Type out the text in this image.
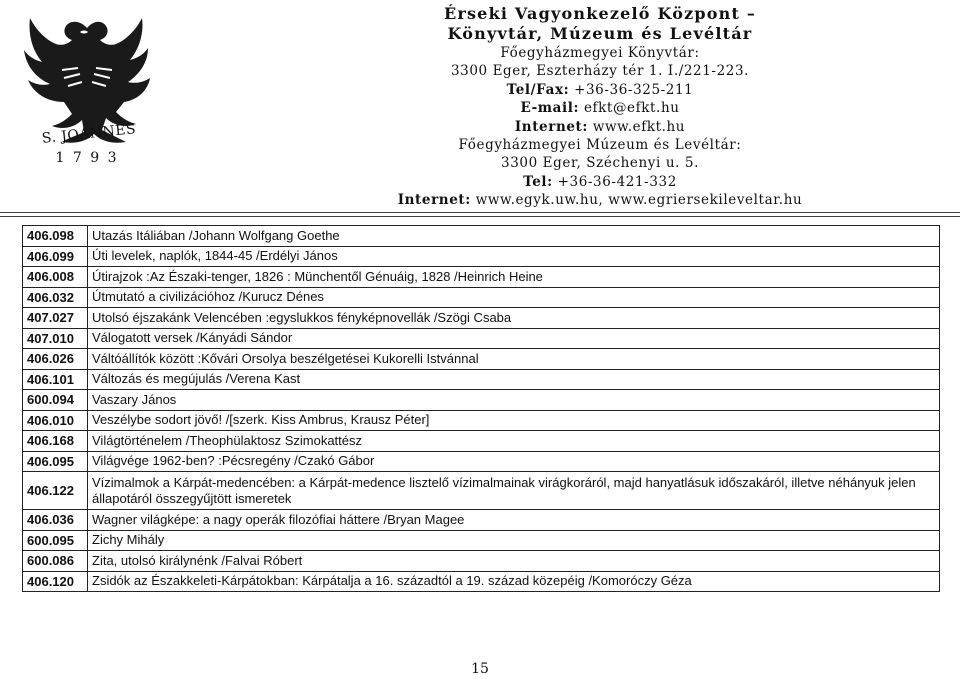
S. JOANNES
1 7 9 3
Érseki Vagyonkezelő Központ –
Könyvtár, Múzeum és Levéltár
Főegyházmegyei Könyvtár:
3300 Eger, Eszterházy tér 1. I./221-223.
Tel/Fax: +36-36-325-211
E-mail: efkt@efkt.hu
Internet: www.efkt.hu
Főegyházmegyei Múzeum és Levéltár:
3300 Eger, Széchenyi u. 5.
Tel: +36-36-421-332
Internet: www.egyk.uw.hu, www.egriersekileveltar.hu
406.098	Utazás Itáliában /Johann Wolfgang Goethe
406.099	Úti levelek, naplók, 1844-45 /Erdélyi János
406.008	Útirajzok :Az Északi-tenger, 1826 : Münchentől Génuáig, 1828 /Heinrich Heine
406.032	Útmutató a civilizációhoz /Kurucz Dénes
407.027	Utolsó éjszakánk Velencében :egyslukkos fényképnovellák /Szögi Csaba
407.010	Válogatott versek /Kányádi Sándor
406.026	Váltóállítók között :Kővári Orsolya beszélgetései Kukorelli Istvánnal
406.101	Változás és megújulás /Verena Kast
600.094	Vaszary János
406.010	Veszélybe sodort jövő! /[szerk. Kiss Ambrus, Krausz Péter]
406.168	Világtörténelem /Theophülaktosz Szimokattész
406.095	Világvége 1962-ben? :Pécsregény /Czakó Gábor
406.122	Vízimalmok a Kárpát-medencében: a Kárpát-medence lisztelő vízimalmainak virágkoráról, majd hanyatlásuk időszakáról, illetve néhányuk jelen állapotáról összegyűjtött ismeretek
406.036	Wagner világképe: a nagy operák filozófiai háttere /Bryan Magee
600.095	Zichy Mihály
600.086	Zita, utolsó királynénk /Falvai Róbert
406.120	Zsidók az Északkeleti-Kárpátokban: Kárpátalja a 16. századtól a 19. század közepéig /Komoróczy Géza
15
